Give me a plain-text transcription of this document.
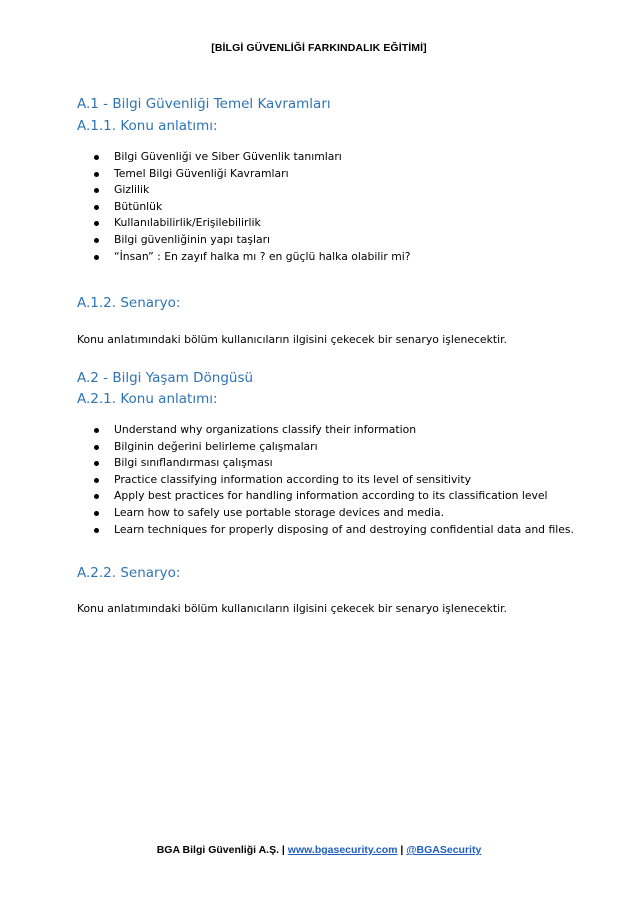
[BİLGİ GÜVENLİĞİ FARKINDALIK EĞİTİMİ]
A.1 - Bilgi Güvenliği Temel Kavramları
A.1.1. Konu anlatımı:
Bilgi Güvenliği ve Siber Güvenlik tanımları
Temel Bilgi Güvenliği Kavramları
Gizlilik
Bütünlük
Kullanılabilirlik/Erişilebilirlik
Bilgi güvenliğinin yapı taşları
“İnsan” : En zayıf halka mı ? en güçlü halka olabilir mi?
A.1.2. Senaryo:
Konu anlatımındaki bölüm kullanıcıların ilgisini çekecek bir senaryo işlenecektir.
A.2 - Bilgi Yaşam Döngüsü
A.2.1. Konu anlatımı:
Understand why organizations classify their information
Bilginin değerini belirleme çalışmaları
Bilgi sınıflandırması çalışması
Practice classifying information according to its level of sensitivity
Apply best practices for handling information according to its classification level
Learn how to safely use portable storage devices and media.
Learn techniques for properly disposing of and destroying confidential data and files.
A.2.2. Senaryo:
Konu anlatımındaki bölüm kullanıcıların ilgisini çekecek bir senaryo işlenecektir.
BGA Bilgi Güvenliği A.Ş. | www.bgasecurity.com | @BGASecurity
